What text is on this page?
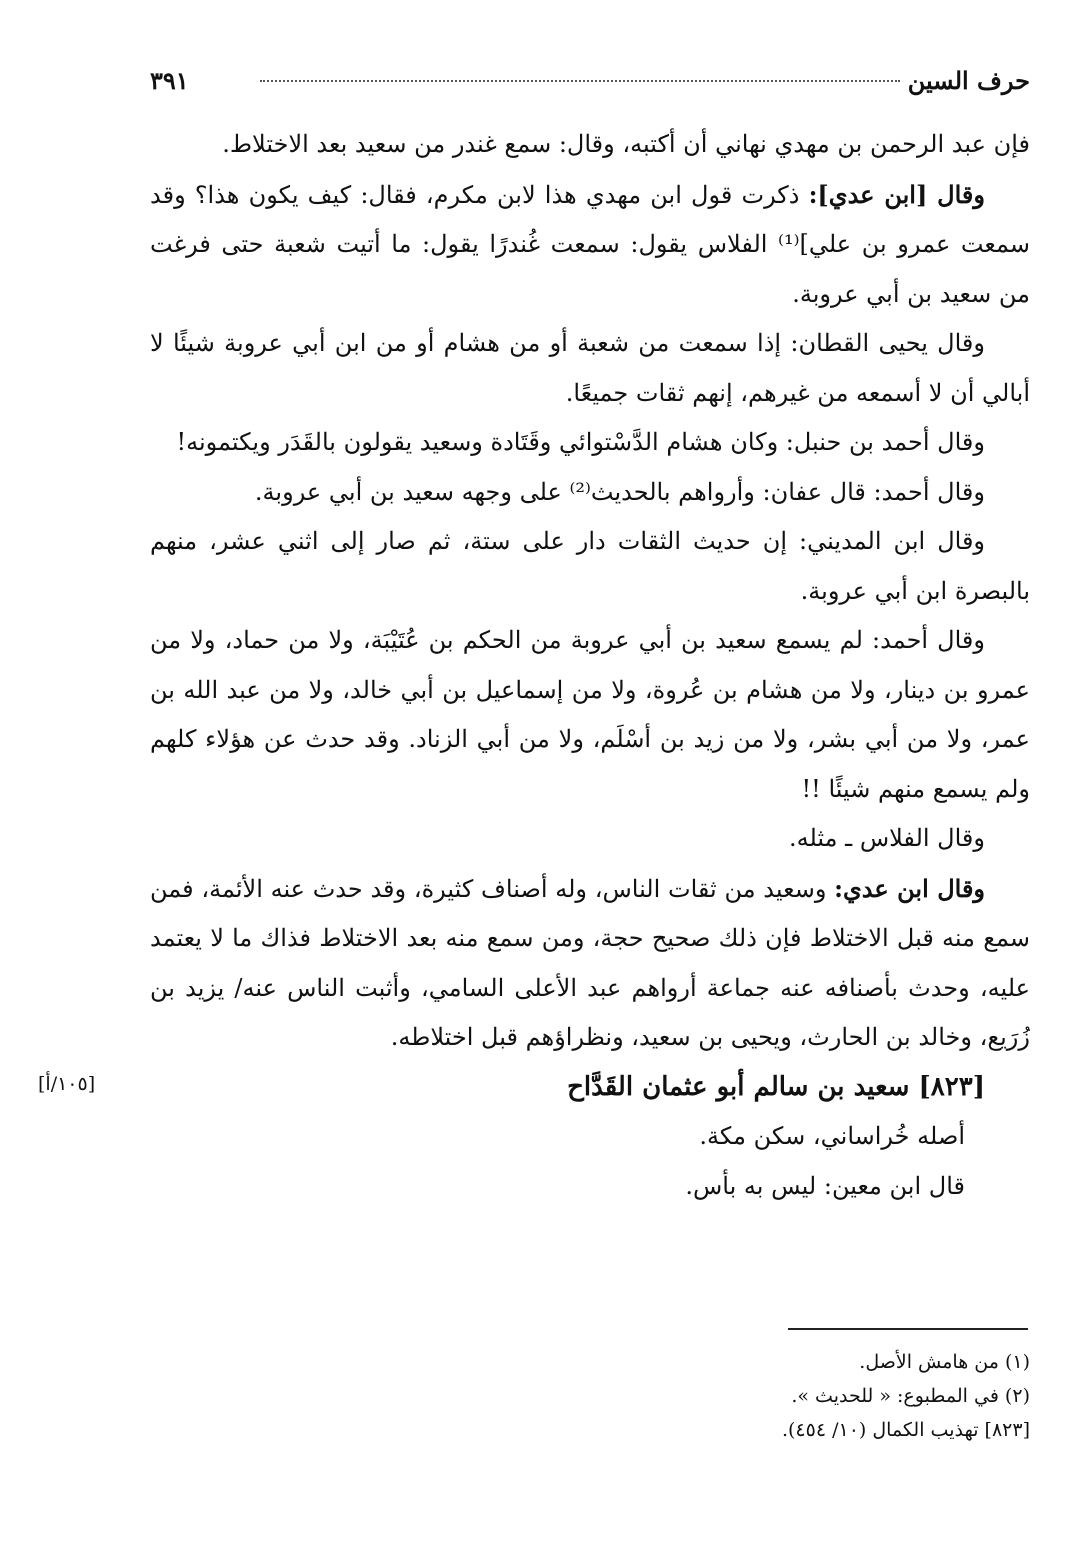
حرف السين
٣٩١

فإن عبد الرحمن بن مهدي نهاني أن أكتبه، وقال: سمع غندر من سعيد بعد الاختلاط.

وقال [ابن عدي]: ذكرت قول ابن مهدي هذا لابن مكرم، فقال: كيف يكون هذا؟ وقد سمعت عمرو بن علي]⁽¹⁾ الفلاس يقول: سمعت غُندرًا يقول: ما أتيت شعبة حتى فرغت من سعيد بن أبي عروبة.

وقال يحيى القطان: إذا سمعت من شعبة أو من هشام أو من ابن أبي عروبة شيئًا لا أبالي أن لا أسمعه من غيرهم، إنهم ثقات جميعًا.

وقال أحمد بن حنبل: وكان هشام الدَّسْتوائي وقَتَادة وسعيد يقولون بالقَدَر ويكتمونه!

وقال أحمد: قال عفان: وأرواهم بالحديث⁽²⁾ على وجهه سعيد بن أبي عروبة.

وقال ابن المديني: إن حديث الثقات دار على ستة، ثم صار إلى اثني عشر، منهم بالبصرة ابن أبي عروبة.

وقال أحمد: لم يسمع سعيد بن أبي عروبة من الحكم بن عُتَيْبَة، ولا من حماد، ولا من عمرو بن دينار، ولا من هشام بن عُروة، ولا من إسماعيل بن أبي خالد، ولا من عبد الله بن عمر، ولا من أبي بشر، ولا من زيد بن أسْلَم، ولا من أبي الزناد. وقد حدث عن هؤلاء كلهم ولم يسمع منهم شيئًا !!

وقال الفلاس ـ مثله.

وقال ابن عدي: وسعيد من ثقات الناس، وله أصناف كثيرة، وقد حدث عنه الأئمة، فمن سمع منه قبل الاختلاط فإن ذلك صحيح حجة، ومن سمع منه بعد الاختلاط فذاك ما لا يعتمد عليه، وحدث بأصنافه عنه جماعة أرواهم عبد الأعلى السامي، وأثبت الناس عنه/ يزيد بن زُرَيع، وخالد بن الحارث، ويحيى بن سعيد، ونظراؤهم قبل اختلاطه.

[٨٢٣] سعيد بن سالم أبو عثمان القَدَّاح

أصله خُراساني، سكن مكة.

قال ابن معين: ليس به بأس.

[١٠٥/أ]

(١) من هامش الأصل.

(٢) في المطبوع: « للحديث ».

[٨٢٣] تهذيب الكمال (١٠/ ٤٥٤).
